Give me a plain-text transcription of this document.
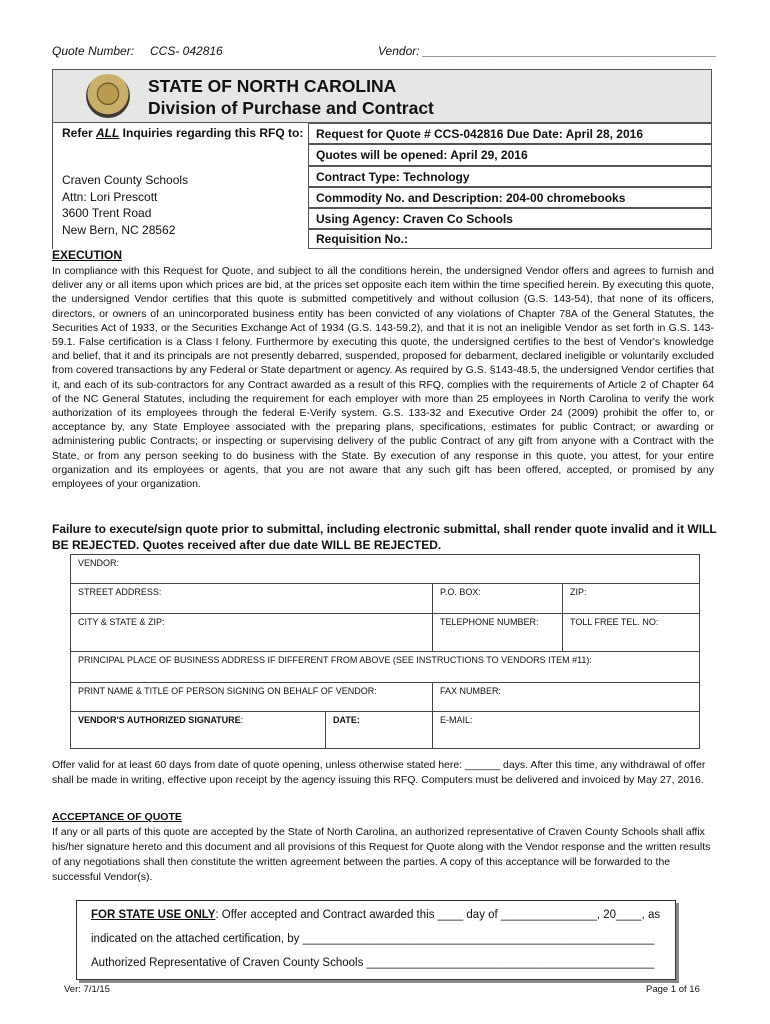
Quote Number: CCS- 042816	Vendor: ____________________________________________
STATE OF NORTH CAROLINA
Division of Purchase and Contract
Refer ALL Inquiries regarding this RFQ to:
Craven County Schools
Attn: Lori Prescott
3600 Trent Road
New Bern, NC 28562
Request for Quote # CCS-042816 Due Date: April 28, 2016
Quotes will be opened: April 29, 2016
Contract Type: Technology
Commodity No. and Description: 204-00 chromebooks
Using Agency: Craven Co Schools
Requisition No.:
EXECUTION
In compliance with this Request for Quote, and subject to all the conditions herein, the undersigned Vendor offers and agrees to furnish and deliver any or all items upon which prices are bid, at the prices set opposite each item within the time specified herein. By executing this quote, the undersigned Vendor certifies that this quote is submitted competitively and without collusion (G.S. 143-54), that none of its officers, directors, or owners of an unincorporated business entity has been convicted of any violations of Chapter 78A of the General Statutes, the Securities Act of 1933, or the Securities Exchange Act of 1934 (G.S. 143-59.2), and that it is not an ineligible Vendor as set forth in G.S. 143-59.1. False certification is a Class I felony. Furthermore by executing this quote, the undersigned certifies to the best of Vendor's knowledge and belief, that it and its principals are not presently debarred, suspended, proposed for debarment, declared ineligible or voluntarily excluded from covered transactions by any Federal or State department or agency. As required by G.S. §143-48.5, the undersigned Vendor certifies that it, and each of its sub-contractors for any Contract awarded as a result of this RFQ, complies with the requirements of Article 2 of Chapter 64 of the NC General Statutes, including the requirement for each employer with more than 25 employees in North Carolina to verify the work authorization of its employees through the federal E-Verify system. G.S. 133-32 and Executive Order 24 (2009) prohibit the offer to, or acceptance by, any State Employee associated with the preparing plans, specifications, estimates for public Contract; or awarding or administering public Contracts; or inspecting or supervising delivery of the public Contract of any gift from anyone with a Contract with the State, or from any person seeking to do business with the State. By execution of any response in this quote, you attest, for your entire organization and its employees or agents, that you are not aware that any such gift has been offered, accepted, or promised by any employees of your organization.
Failure to execute/sign quote prior to submittal, including electronic submittal, shall render quote invalid and it WILL BE REJECTED. Quotes received after due date WILL BE REJECTED.
VENDOR:			
STREET ADDRESS:		P.O. BOX:	ZIP:
CITY & STATE & ZIP:		TELEPHONE NUMBER:	TOLL FREE TEL. NO:
PRINCIPAL PLACE OF BUSINESS ADDRESS IF DIFFERENT FROM ABOVE (SEE INSTRUCTIONS TO VENDORS ITEM #11):			
PRINT NAME & TITLE OF PERSON SIGNING ON BEHALF OF VENDOR:		FAX NUMBER:	
VENDOR'S AUTHORIZED SIGNATURE:	DATE:	E-MAIL:	
Offer valid for at least 60 days from date of quote opening, unless otherwise stated here: ______ days. After this time, any withdrawal of offer shall be made in writing, effective upon receipt by the agency issuing this RFQ. Computers must be delivered and invoiced by May 27, 2016.
ACCEPTANCE OF QUOTE
If any or all parts of this quote are accepted by the State of North Carolina, an authorized representative of Craven County Schools shall affix his/her signature hereto and this document and all provisions of this Request for Quote along with the Vendor response and the written results of any negotiations shall then constitute the written agreement between the parties. A copy of this acceptance will be forwarded to the successful Vendor(s).
FOR STATE USE ONLY: Offer accepted and Contract awarded this ____ day of _______________, 20____, as
indicated on the attached certification, by _______________________________________________________
Authorized Representative of Craven County Schools _____________________________________________
Ver: 7/1/15	Page 1 of 16
